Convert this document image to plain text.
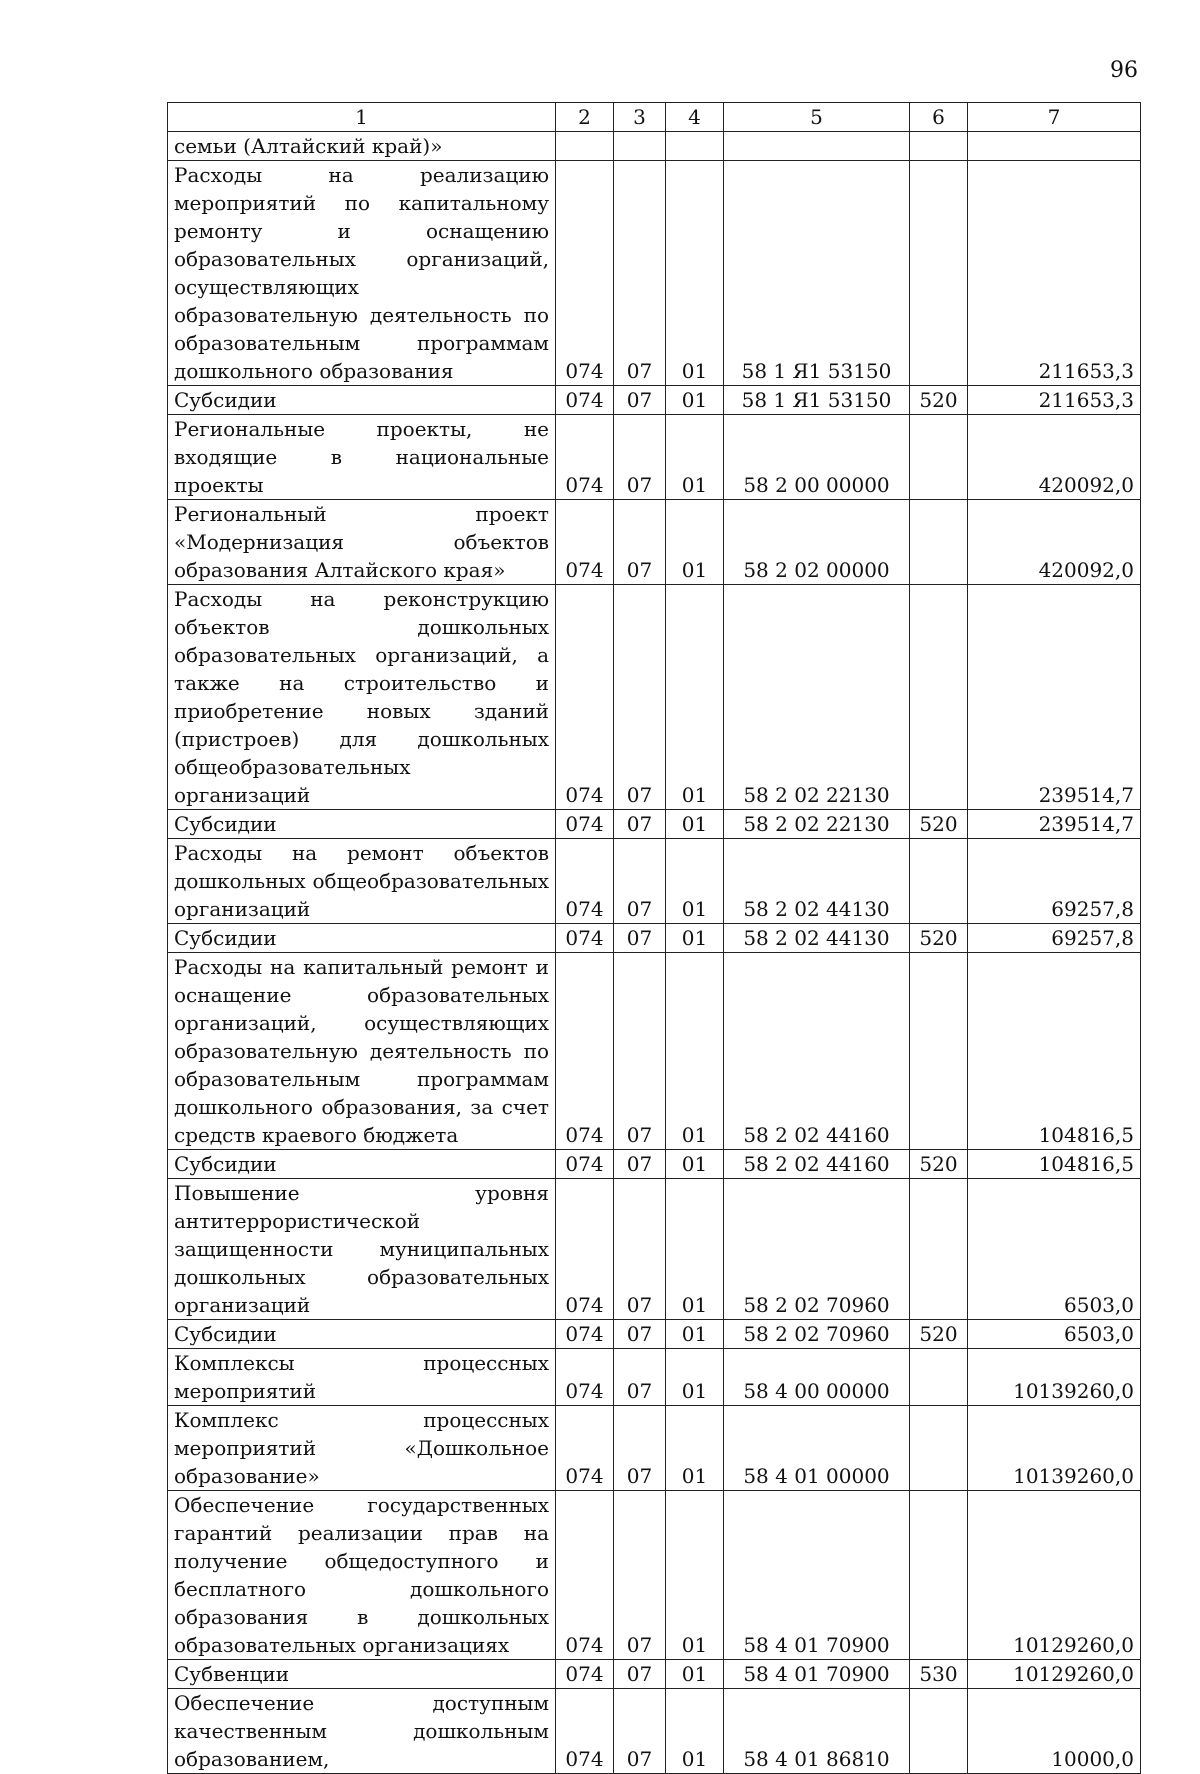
96
1	2	3	4	5	6	7
семьи (Алтайский край)»						
Расходы на реализацию мероприятий по капитальному ремонту и оснащению образовательных организаций, осуществляющих образовательную деятельность по образовательным программам дошкольного образования	074	07	01	58 1 Я1 53150		211653,3
Субсидии	074	07	01	58 1 Я1 53150	520	211653,3
Региональные проекты, не входящие в национальные проекты	074	07	01	58 2 00 00000		420092,0
Региональный проект «Модернизация объектов образования Алтайского края»	074	07	01	58 2 02 00000		420092,0
Расходы на реконструкцию объектов дошкольных образовательных организаций, а также на строительство и приобретение новых зданий (пристроев) для дошкольных общеобразовательных организаций	074	07	01	58 2 02 22130		239514,7
Субсидии	074	07	01	58 2 02 22130	520	239514,7
Расходы на ремонт объектов дошкольных общеобразовательных организаций	074	07	01	58 2 02 44130		69257,8
Субсидии	074	07	01	58 2 02 44130	520	69257,8
Расходы на капитальный ремонт и оснащение образовательных организаций, осуществляющих образовательную деятельность по образовательным программам дошкольного образования, за счет средств краевого бюджета	074	07	01	58 2 02 44160		104816,5
Субсидии	074	07	01	58 2 02 44160	520	104816,5
Повышение уровня антитеррористической защищенности муниципальных дошкольных образовательных организаций	074	07	01	58 2 02 70960		6503,0
Субсидии	074	07	01	58 2 02 70960	520	6503,0
Комплексы процессных мероприятий	074	07	01	58 4 00 00000		10139260,0
Комплекс процессных мероприятий «Дошкольное образование»	074	07	01	58 4 01 00000		10139260,0
Обеспечение государственных гарантий реализации прав на получение общедоступного и бесплатного дошкольного образования в дошкольных образовательных организациях	074	07	01	58 4 01 70900		10129260,0
Субвенции	074	07	01	58 4 01 70900	530	10129260,0
Обеспечение доступным качественным дошкольным образованием,	074	07	01	58 4 01 86810		10000,0
